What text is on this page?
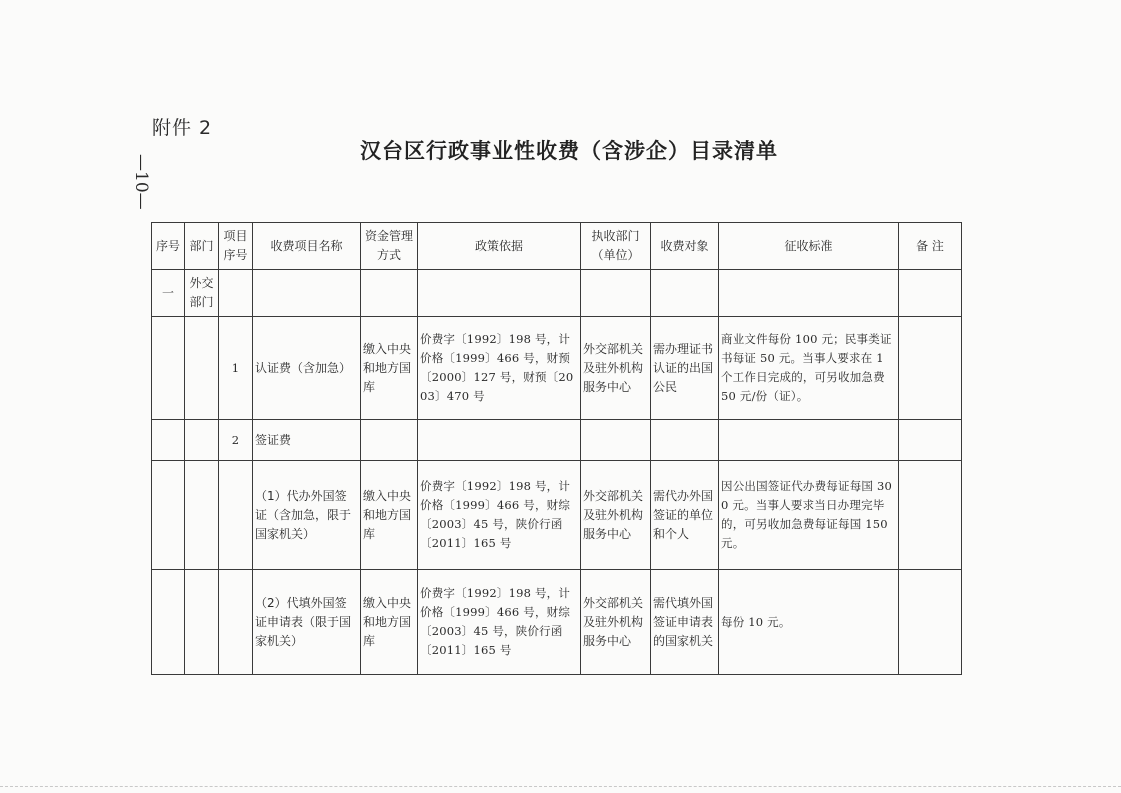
—10—
附件 2
汉台区行政事业性收费（含涉企）目录清单
序号	部门	项目序号	收费项目名称	资金管理方式	政策依据	执收部门（单位）	收费对象	征收标准	备 注
一	外交部门								
		1	认证费（含加急）	缴入中央和地方国库	价费字〔1992〕198 号，计价格〔1999〕466 号，财预〔2000〕127 号，财预〔2003〕470 号	外交部机关及驻外机构服务中心	需办理证书认证的出国公民	商业文件每份 100 元；民事类证书每证 50 元。当事人要求在 1 个工作日完成的，可另收加急费 50 元/份（证）。	
		2	签证费						
			（1）代办外国签证（含加急，限于国家机关）	缴入中央和地方国库	价费字〔1992〕198 号，计价格〔1999〕466 号，财综〔2003〕45 号，陕价行函〔2011〕165 号	外交部机关及驻外机构服务中心	需代办外国签证的单位和个人	因公出国签证代办费每证每国 300 元。当事人要求当日办理完毕的，可另收加急费每证每国 150 元。	
			（2）代填外国签证申请表（限于国家机关）	缴入中央和地方国库	价费字〔1992〕198 号，计价格〔1999〕466 号，财综〔2003〕45 号，陕价行函〔2011〕165 号	外交部机关及驻外机构服务中心	需代填外国签证申请表的国家机关	每份 10 元。	
